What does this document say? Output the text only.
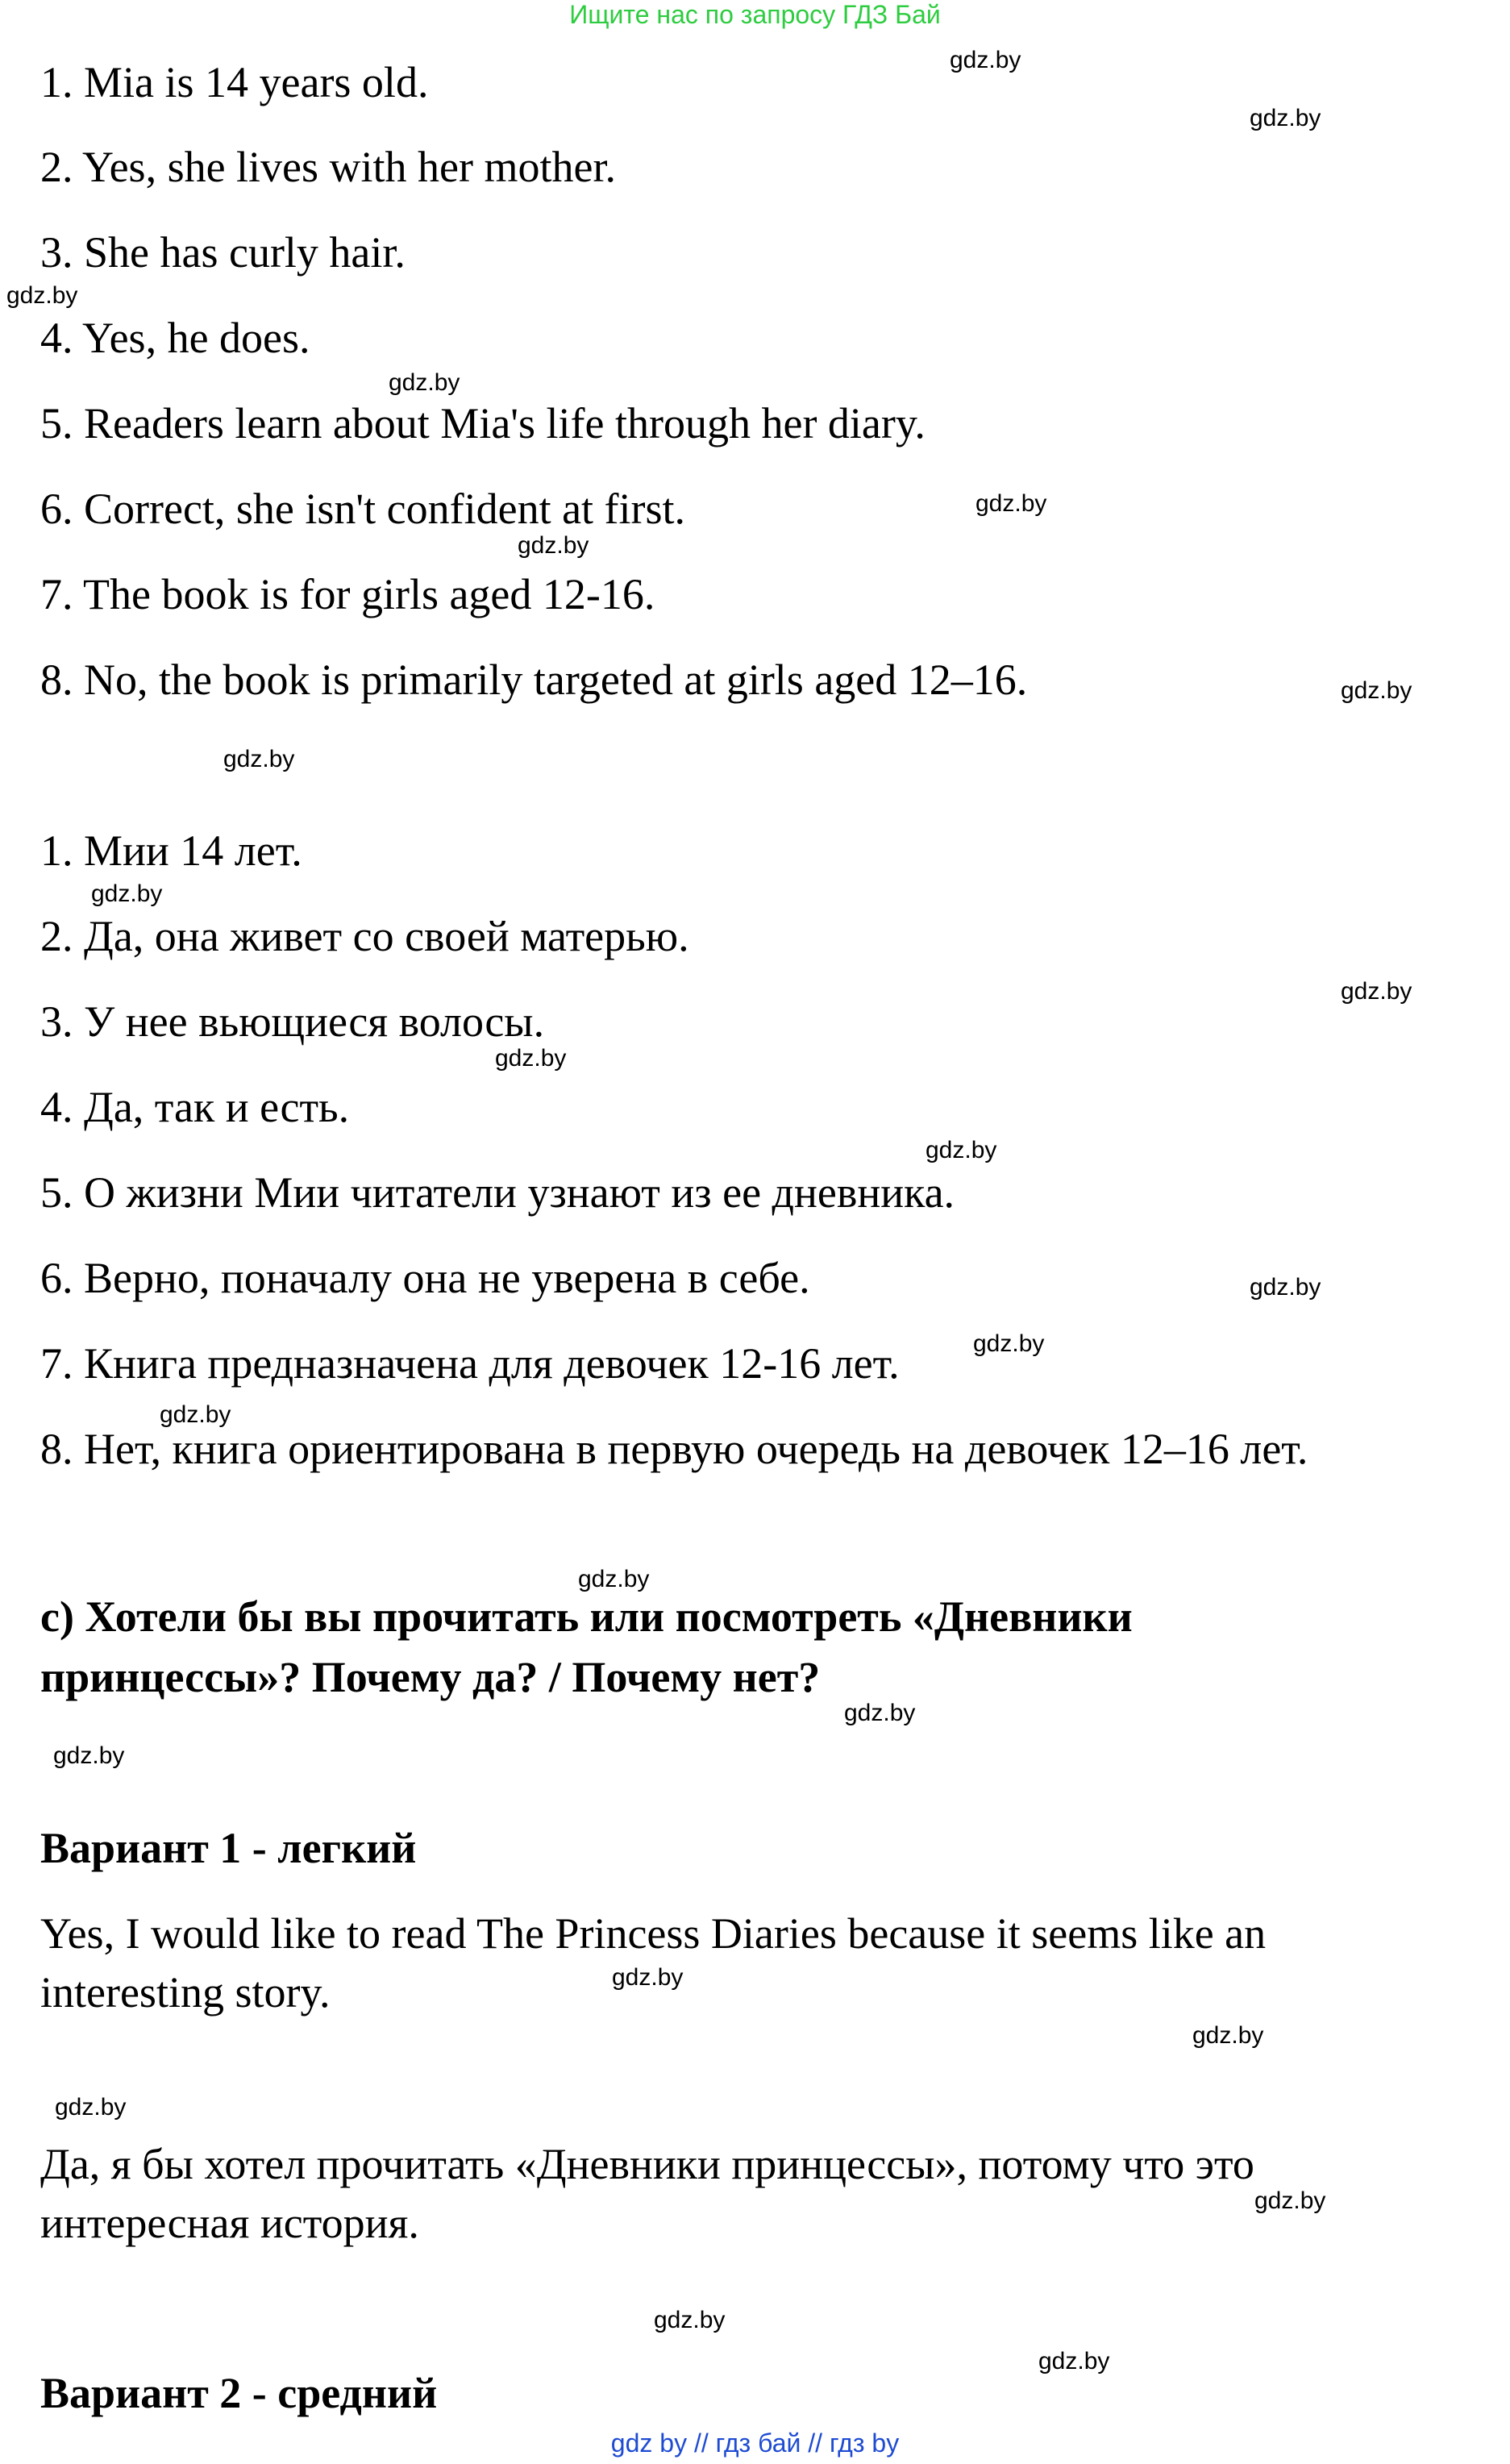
Ищите нас по запросу ГДЗ Бай
1. Mia is 14 years old.
2. Yes, she lives with her mother.
3. She has curly hair.
4. Yes, he does.
5. Readers learn about Mia's life through her diary.
6. Correct, she isn't confident at first.
7. The book is for girls aged 12-16.
8. No, the book is primarily targeted at girls aged 12–16.
1. Мии 14 лет.
2. Да, она живет со своей матерью.
3. У нее вьющиеся волосы.
4. Да, так и есть.
5. О жизни Мии читатели узнают из ее дневника.
6. Верно, поначалу она не уверена в себе.
7. Книга предназначена для девочек 12-16 лет.
8. Нет, книга ориентирована в первую очередь на девочек 12–16 лет.
c) Хотели бы вы прочитать или посмотреть «Дневники
принцессы»? Почему да? / Почему нет?
Вариант 1 - легкий
Yes, I would like to read The Princess Diaries because it seems like an
interesting story.
Да, я бы хотел прочитать «Дневники принцессы», потому что это
интересная история.
Вариант 2 - средний
gdz.by
gdz.by
gdz.by
gdz.by
gdz.by
gdz.by
gdz.by
gdz.by
gdz.by
gdz.by
gdz.by
gdz.by
gdz.by
gdz.by
gdz.by
gdz.by
gdz.by
gdz.by
gdz.by
gdz.by
gdz.by
gdz.by
gdz.by
gdz.by
gdz by // гдз бай // гдз by
